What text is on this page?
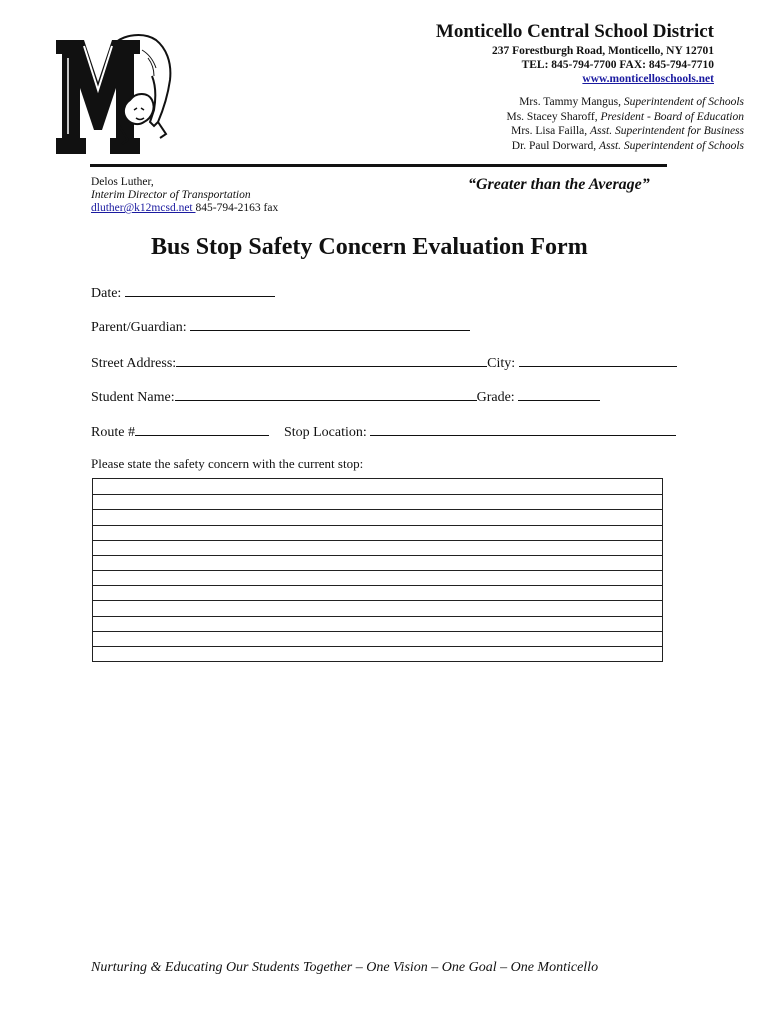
Monticello Central School District
237 Forestburgh Road, Monticello, NY 12701
TEL: 845-794-7700 FAX: 845-794-7710
www.monticelloschools.net
Mrs. Tammy Mangus, Superintendent of Schools
Ms. Stacey Sharoff, President - Board of Education
Mrs. Lisa Failla, Asst. Superintendent for Business
Dr. Paul Dorward, Asst. Superintendent of Schools
Delos Luther,
Interim Director of Transportation
dluther@k12mcsd.net 845-794-2163 fax
“Greater than the Average”
Bus Stop Safety Concern Evaluation Form
Date:
Parent/Guardian:
Street Address:	City:
Student Name:	Grade:
Route #	Stop Location:
Please state the safety concern with the current stop:
Nurturing & Educating Our Students Together – One Vision – One Goal – One Monticello
